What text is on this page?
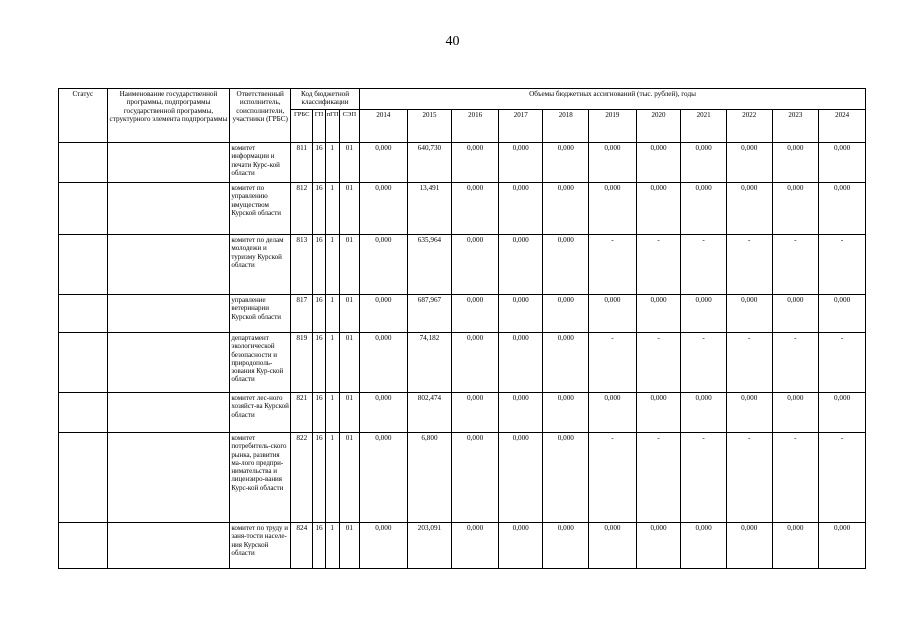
40
Статус	Наименование государственной программы, подпрограммы государственной программы, структурного элемента подпрограммы	Ответственный исполнитель, соисполнители, участники (ГРБС)	Код бюджетной классификации				Объемы бюджетных ассигнований (тыс. рублей), годы										
			ГРБС	ГП	пГП	СЭП	2014	2015	2016	2017	2018	2019	2020	2021	2022	2023	2024
		комитет информации и печати Курс-кой области	811	16	1	01	0,000	640,730	0,000	0,000	0,000	0,000	0,000	0,000	0,000	0,000	0,000
		комитет по управлению имуществом Курской области	812	16	1	01	0,000	13,491	0,000	0,000	0,000	0,000	0,000	0,000	0,000	0,000	0,000
		комитет по делам молодежи и туризму Курской области	813	16	1	01	0,000	635,964	0,000	0,000	0,000	-	-	-	-	-	-
		управление ветеринарии Курской области	817	16	1	01	0,000	687,967	0,000	0,000	0,000	0,000	0,000	0,000	0,000	0,000	0,000
		департамент экологической безопасности и природополь-зования Кур-ской области	819	16	1	01	0,000	74,182	0,000	0,000	0,000	-	-	-	-	-	-
		комитет лес-ного хозяйст-ва Курской области	821	16	1	01	0,000	802,474	0,000	0,000	0,000	0,000	0,000	0,000	0,000	0,000	0,000
		комитет потребитель-ского рынка, развития ма-лого предпри-нимательства и лицензиро-вания Курс-кой области	822	16	1	01	0,000	6,800	0,000	0,000	0,000	-	-	-	-	-	-
		комитет по труду и заня-тости населе-ния Курской области	824	16	1	01	0,000	203,091	0,000	0,000	0,000	0,000	0,000	0,000	0,000	0,000	0,000
